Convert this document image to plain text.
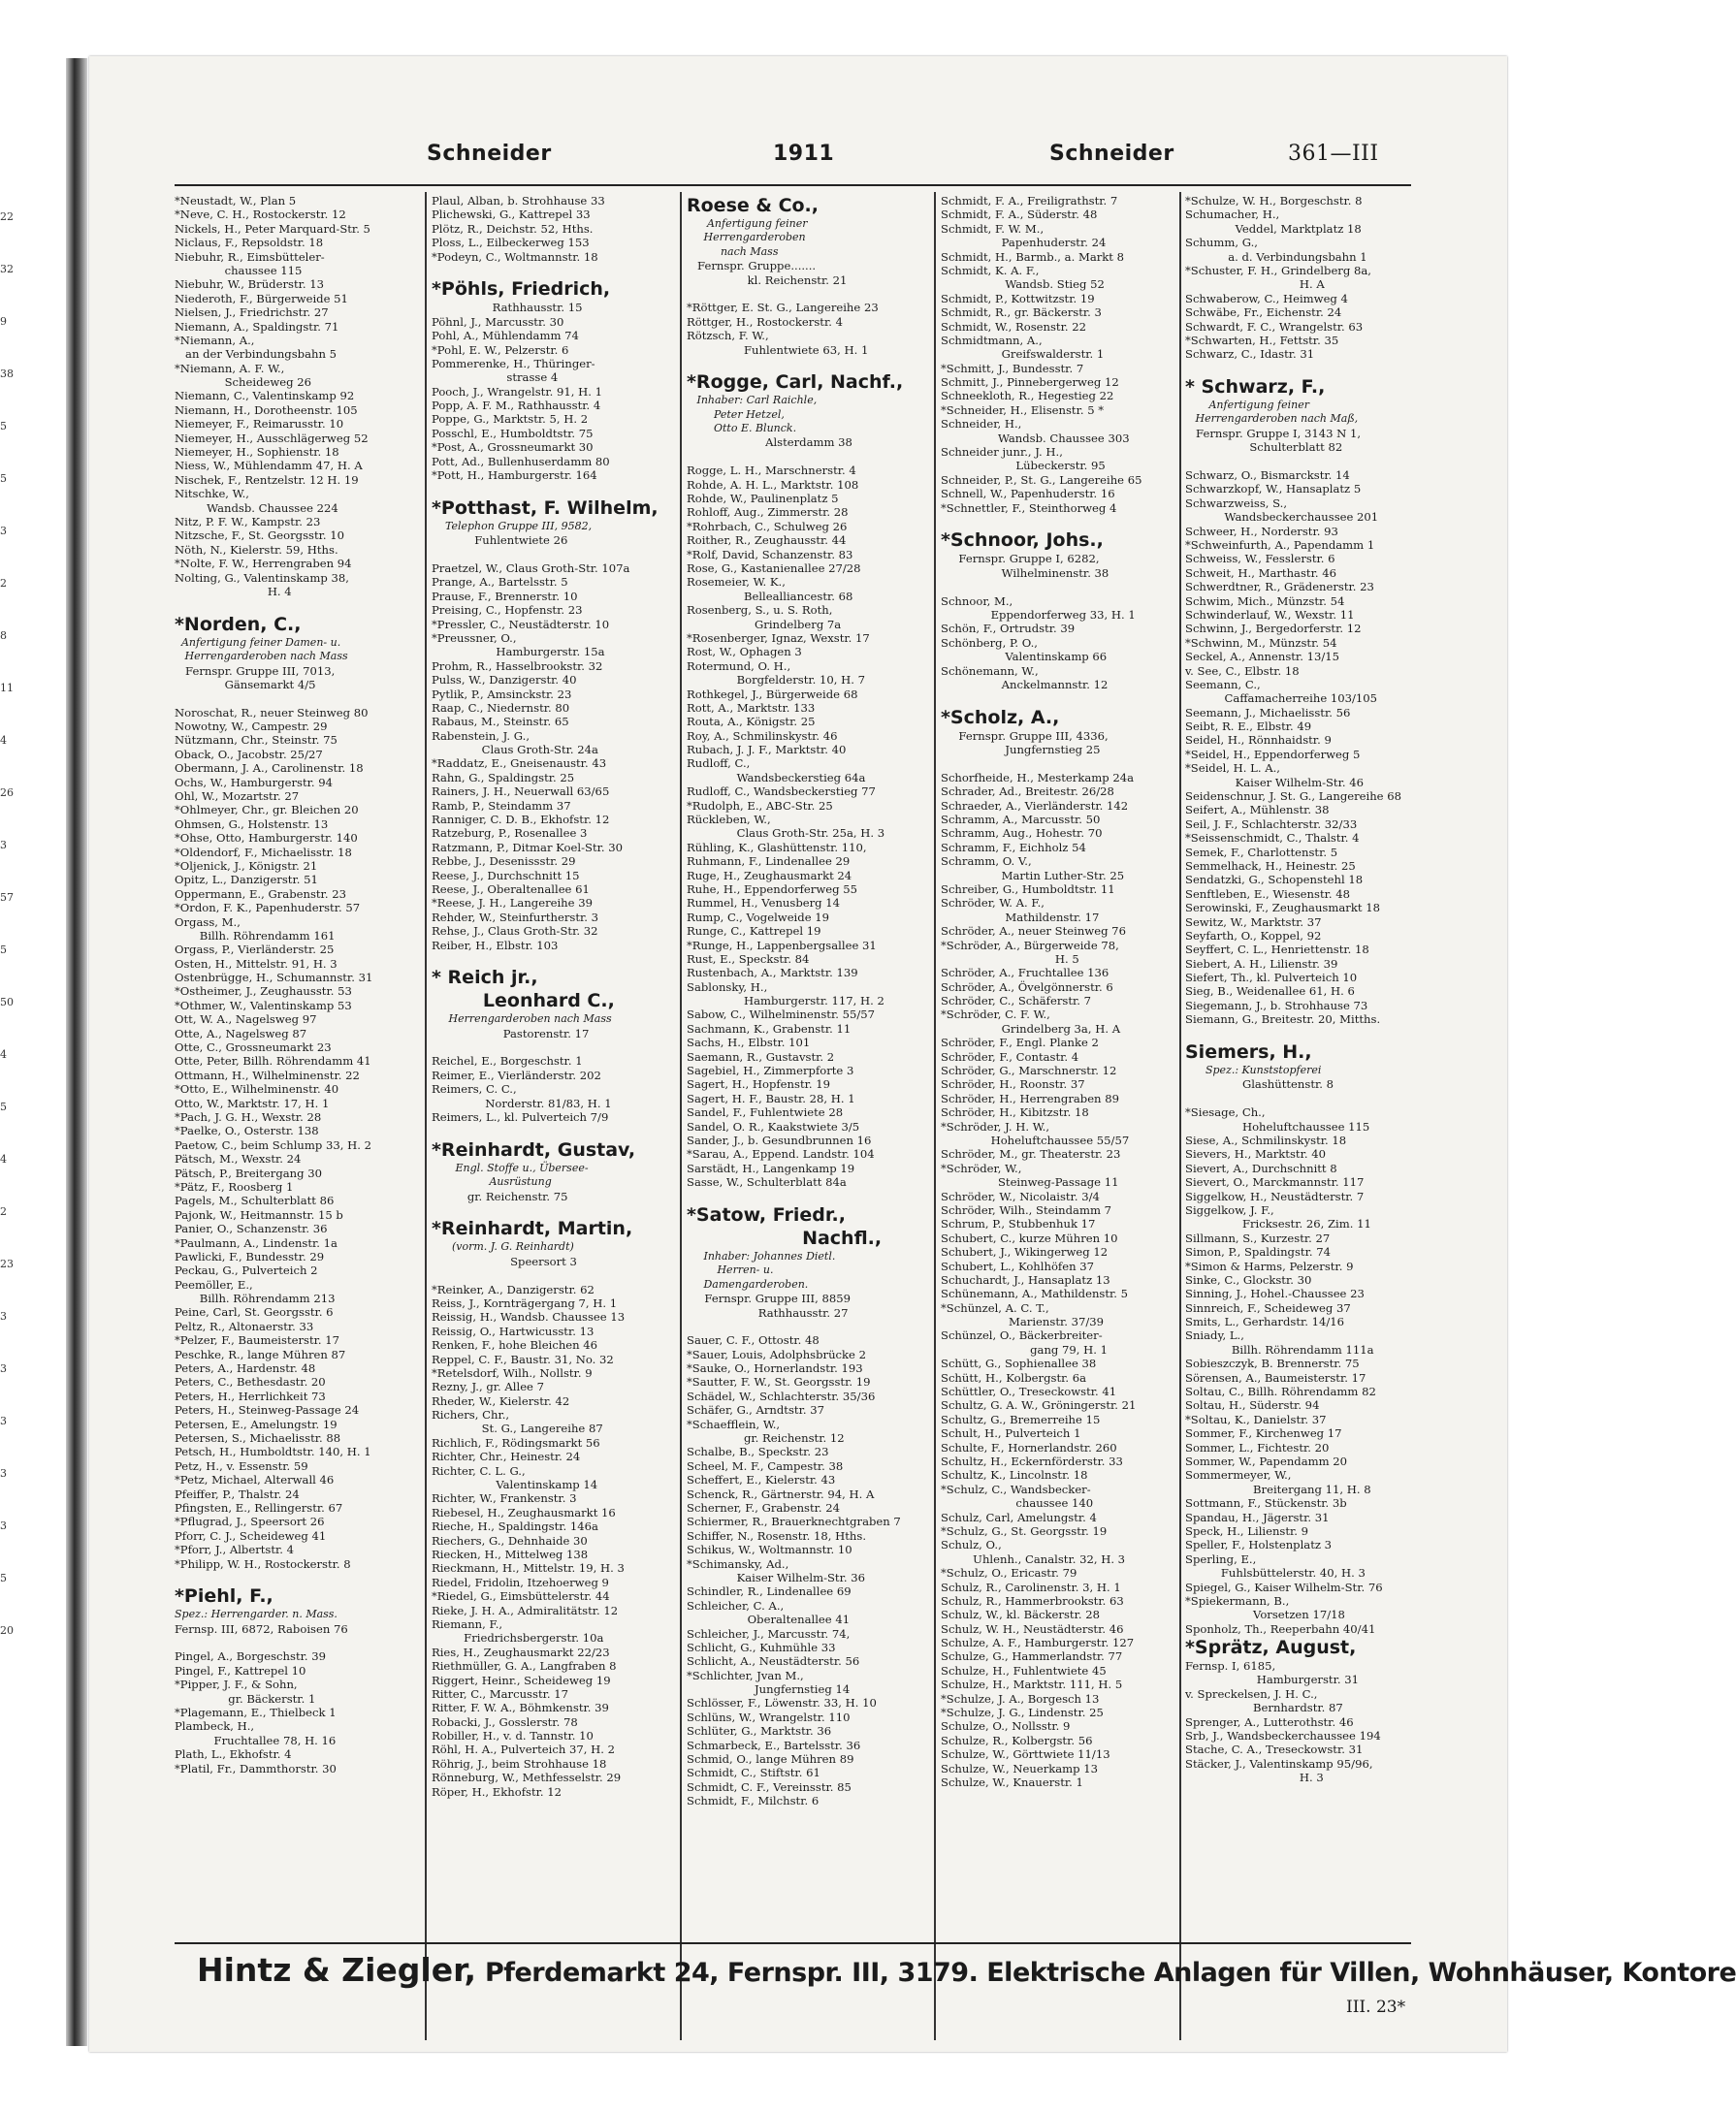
22
32
9
38
5
5
3
2
8
11
4
26
3
57
5
50
4
5
4
2
23
3
3
3
3
3
5
20
Schneider	1911	Schneider	361—III
*Neustadt, W., Plan 5
*Neve, C. H., Rostockerstr. 12
Nickels, H., Peter Marquard-Str. 5
Niclaus, F., Repsoldstr. 18
Niebuhr, R., Eimsbütteler-
chaussee 115
Niebuhr, W., Brüderstr. 13
Niederoth, F., Bürgerweide 51
Nielsen, J., Friedrichstr. 27
Niemann, A., Spaldingstr. 71
*Niemann, A.,
an der Verbindungsbahn 5
*Niemann, A. F. W.,
Scheideweg 26
Niemann, C., Valentinskamp 92
Niemann, H., Dorotheenstr. 105
Niemeyer, F., Reimarusstr. 10
Niemeyer, H., Ausschlägerweg 52
Niemeyer, H., Sophienstr. 18
Niess, W., Mühlendamm 47, H. A
Nischek, F., Rentzelstr. 12 H. 19
Nitschke, W.,
Wandsb. Chaussee 224
Nitz, P. F. W., Kampstr. 23
Nitzsche, F., St. Georgsstr. 10
Nöth, N., Kielerstr. 59, Hths.
*Nolte, F. W., Herrengraben 94
Nolting, G., Valentinskamp 38,
H. 4
*Norden, C.,
Anfertigung feiner Damen- u.
Herrengarderoben nach Mass
Fernspr. Gruppe III, 7013,
Gänsemarkt 4/5
Noroschat, R., neuer Steinweg 80
Nowotny, W., Campestr. 29
Nützmann, Chr., Steinstr. 75
Oback, O., Jacobstr. 25/27
Obermann, J. A., Carolinenstr. 18
Ochs, W., Hamburgerstr. 94
Ohl, W., Mozartstr. 27
*Ohlmeyer, Chr., gr. Bleichen 20
Ohmsen, G., Holstenstr. 13
*Ohse, Otto, Hamburgerstr. 140
*Oldendorf, F., Michaelisstr. 18
*Oljenick, J., Königstr. 21
Opitz, L., Danzigerstr. 51
Oppermann, E., Grabenstr. 23
*Ordon, F. K., Papenhuderstr. 57
Orgass, M.,
Billh. Röhrendamm 161
Orgass, P., Vierländerstr. 25
Osten, H., Mittelstr. 91, H. 3
Ostenbrügge, H., Schumannstr. 31
*Ostheimer, J., Zeughausstr. 53
*Othmer, W., Valentinskamp 53
Ott, W. A., Nagelsweg 97
Otte, A., Nagelsweg 87
Otte, C., Grossneumarkt 23
Otte, Peter, Billh. Röhrendamm 41
Ottmann, H., Wilhelminenstr. 22
*Otto, E., Wilhelminenstr. 40
Otto, W., Marktstr. 17, H. 1
*Pach, J. G. H., Wexstr. 28
*Paelke, O., Osterstr. 138
Paetow, C., beim Schlump 33, H. 2
Pätsch, M., Wexstr. 24
Pätsch, P., Breitergang 30
*Pätz, F., Roosberg 1
Pagels, M., Schulterblatt 86
Pajonk, W., Heitmannstr. 15 b
Panier, O., Schanzenstr. 36
*Paulmann, A., Lindenstr. 1a
Pawlicki, F., Bundesstr. 29
Peckau, G., Pulverteich 2
Peemöller, E.,
Billh. Röhrendamm 213
Peine, Carl, St. Georgsstr. 6
Peltz, R., Altonaerstr. 33
*Pelzer, F., Baumeisterstr. 17
Peschke, R., lange Mühren 87
Peters, A., Hardenstr. 48
Peters, C., Bethesdastr. 20
Peters, H., Herrlichkeit 73
Peters, H., Steinweg-Passage 24
Petersen, E., Amelungstr. 19
Petersen, S., Michaelisstr. 88
Petsch, H., Humboldtstr. 140, H. 1
Petz, H., v. Essenstr. 59
*Petz, Michael, Alterwall 46
Pfeiffer, P., Thalstr. 24
Pfingsten, E., Rellingerstr. 67
*Pflugrad, J., Speersort 26
Pforr, C. J., Scheideweg 41
*Pforr, J., Albertstr. 4
*Philipp, W. H., Rostockerstr. 8
*Piehl, F.,
Spez.: Herrengarder. n. Mass.
Fernsp. III, 6872, Raboisen 76
Pingel, A., Borgeschstr. 39
Pingel, F., Kattrepel 10
*Pipper, J. F., & Sohn,
gr. Bäckerstr. 1
*Plagemann, E., Thielbeck 1
Plambeck, H.,
Fruchtallee 78, H. 16
Plath, L., Ekhofstr. 4
*Platil, Fr., Dammthorstr. 30
Plaul, Alban, b. Strohhause 33
Plichewski, G., Kattrepel 33
Plötz, R., Deichstr. 52, Hths.
Ploss, L., Eilbeckerweg 153
*Podeyn, C., Woltmannstr. 18
*Pöhls, Friedrich,
Rathhausstr. 15
Pöhnl, J., Marcusstr. 30
Pohl, A., Mühlendamm 74
*Pohl, E. W., Pelzerstr. 6
Pommerenke, H., Thüringer-
strasse 4
Pooch, J., Wrangelstr. 91, H. 1
Popp, A. F. M., Rathhausstr. 4
Poppe, G., Marktstr. 5, H. 2
Posschl, E., Humboldtstr. 75
*Post, A., Grossneumarkt 30
Pott, Ad., Bullenhuserdamm 80
*Pott, H., Hamburgerstr. 164
*Potthast, F. Wilhelm,
Telephon Gruppe III, 9582,
Fuhlentwiete 26
Praetzel, W., Claus Groth-Str. 107a
Prange, A., Bartelsstr. 5
Prause, F., Brennerstr. 10
Preising, C., Hopfenstr. 23
*Pressler, C., Neustädterstr. 10
*Preussner, O.,
Hamburgerstr. 15a
Prohm, R., Hasselbrookstr. 32
Pulss, W., Danzigerstr. 40
Pytlik, P., Amsinckstr. 23
Raap, C., Niedernstr. 80
Rabaus, M., Steinstr. 65
Rabenstein, J. G.,
Claus Groth-Str. 24a
*Raddatz, E., Gneisenaustr. 43
Rahn, G., Spaldingstr. 25
Rainers, J. H., Neuerwall 63/65
Ramb, P., Steindamm 37
Ranniger, C. D. B., Ekhofstr. 12
Ratzeburg, P., Rosenallee 3
Ratzmann, P., Ditmar Koel-Str. 30
Rebbe, J., Desenissstr. 29
Reese, J., Durchschnitt 15
Reese, J., Oberaltenallee 61
*Reese, J. H., Langereihe 39
Rehder, W., Steinfurtherstr. 3
Rehse, J., Claus Groth-Str. 32
Reiber, H., Elbstr. 103
* Reich jr.,
Leonhard C.,
Herrengarderoben nach Mass
Pastorenstr. 17
Reichel, E., Borgeschstr. 1
Reimer, E., Vierländerstr. 202
Reimers, C. C.,
Norderstr. 81/83, H. 1
Reimers, L., kl. Pulverteich 7/9
*Reinhardt, Gustav,
Engl. Stoffe u., Übersee-
Ausrüstung
gr. Reichenstr. 75
*Reinhardt, Martin,
(vorm. J. G. Reinhardt)
Speersort 3
*Reinker, A., Danzigerstr. 62
Reiss, J., Kornträgergang 7, H. 1
Reissig, H., Wandsb. Chaussee 13
Reissig, O., Hartwicusstr. 13
Renken, F., hohe Bleichen 46
Reppel, C. F., Baustr. 31, No. 32
*Retelsdorf, Wilh., Nollstr. 9
Rezny, J., gr. Allee 7
Rheder, W., Kielerstr. 42
Richers, Chr.,
St. G., Langereihe 87
Richlich, F., Rödingsmarkt 56
Richter, Chr., Heinestr. 24
Richter, C. L. G.,
Valentinskamp 14
Richter, W., Frankenstr. 3
Riebesel, H., Zeughausmarkt 16
Rieche, H., Spaldingstr. 146a
Riechers, G., Dehnhaide 30
Riecken, H., Mittelweg 138
Rieckmann, H., Mittelstr. 19, H. 3
Riedel, Fridolin, Itzehoerweg 9
*Riedel, G., Eimsbüttelerstr. 44
Rieke, J. H. A., Admiralitätstr. 12
Riemann, F.,
Friedrichsbergerstr. 10a
Ries, H., Zeughausmarkt 22/23
Riethmüller, G. A., Langfraben 8
Riggert, Heinr., Scheideweg 19
Ritter, C., Marcusstr. 17
Ritter, F. W. A., Böhmkenstr. 39
Robacki, J., Gosslerstr. 78
Robiller, H., v. d. Tannstr. 10
Röhl, H. A., Pulverteich 37, H. 2
Röhrig, J., beim Strohhause 18
Rönneburg, W., Methfesselstr. 29
Röper, H., Ekhofstr. 12
Roese & Co.,
Anfertigung feiner
Herrengarderoben
nach Mass
Fernspr. Gruppe.......
kl. Reichenstr. 21
*Röttger, E. St. G., Langereihe 23
Röttger, H., Rostockerstr. 4
Rötzsch, F. W.,
Fuhlentwiete 63, H. 1
*Rogge, Carl, Nachf.,
Inhaber: Carl Raichle,
Peter Hetzel,
Otto E. Blunck.
Alsterdamm 38
Rogge, L. H., Marschnerstr. 4
Rohde, A. H. L., Marktstr. 108
Rohde, W., Paulinenplatz 5
Rohloff, Aug., Zimmerstr. 28
*Rohrbach, C., Schulweg 26
Roither, R., Zeughausstr. 44
*Rolf, David, Schanzenstr. 83
Rose, G., Kastanienallee 27/28
Rosemeier, W. K.,
Bellealliancestr. 68
Rosenberg, S., u. S. Roth,
Grindelberg 7a
*Rosenberger, Ignaz, Wexstr. 17
Rost, W., Ophagen 3
Rotermund, O. H.,
Borgfelderstr. 10, H. 7
Rothkegel, J., Bürgerweide 68
Rott, A., Marktstr. 133
Routa, A., Königstr. 25
Roy, A., Schmilinskystr. 46
Rubach, J. J. F., Marktstr. 40
Rudloff, C.,
Wandsbeckerstieg 64a
Rudloff, C., Wandsbeckerstieg 77
*Rudolph, E., ABC-Str. 25
Rückleben, W.,
Claus Groth-Str. 25a, H. 3
Rühling, K., Glashüttenstr. 110,
Ruhmann, F., Lindenallee 29
Ruge, H., Zeughausmarkt 24
Ruhe, H., Eppendorferweg 55
Rummel, H., Venusberg 14
Rump, C., Vogelweide 19
Runge, C., Kattrepel 19
*Runge, H., Lappenbergsallee 31
Rust, E., Speckstr. 84
Rustenbach, A., Marktstr. 139
Sablonsky, H.,
Hamburgerstr. 117, H. 2
Sabow, C., Wilhelminenstr. 55/57
Sachmann, K., Grabenstr. 11
Sachs, H., Elbstr. 101
Saemann, R., Gustavstr. 2
Sagebiel, H., Zimmerpforte 3
Sagert, H., Hopfenstr. 19
Sagert, H. F., Baustr. 28, H. 1
Sandel, F., Fuhlentwiete 28
Sandel, O. R., Kaakstwiete 3/5
Sander, J., b. Gesundbrunnen 16
*Sarau, A., Eppend. Landstr. 104
Sarstädt, H., Langenkamp 19
Sasse, W., Schulterblatt 84a
*Satow, Friedr.,
Nachfl.,
Inhaber: Johannes Dietl.
Herren- u.
Damengarderoben.
Fernspr. Gruppe III, 8859
Rathhausstr. 27
Sauer, C. F., Ottostr. 48
*Sauer, Louis, Adolphsbrücke 2
*Sauke, O., Hornerlandstr. 193
*Sautter, F. W., St. Georgsstr. 19
Schädel, W., Schlachterstr. 35/36
Schäfer, G., Arndtstr. 37
*Schaefflein, W.,
gr. Reichenstr. 12
Schalbe, B., Speckstr. 23
Scheel, M. F., Campestr. 38
Scheffert, E., Kielerstr. 43
Schenck, R., Gärtnerstr. 94, H. A
Scherner, F., Grabenstr. 24
Schiermer, R., Brauerknechtgraben 7
Schiffer, N., Rosenstr. 18, Hths.
Schikus, W., Woltmannstr. 10
*Schimansky, Ad.,
Kaiser Wilhelm-Str. 36
Schindler, R., Lindenallee 69
Schleicher, C. A.,
Oberaltenallee 41
Schleicher, J., Marcusstr. 74,
Schlicht, G., Kuhmühle 33
Schlicht, A., Neustädterstr. 56
*Schlichter, Jvan M.,
Jungfernstieg 14
Schlösser, F., Löwenstr. 33, H. 10
Schlüns, W., Wrangelstr. 110
Schlüter, G., Marktstr. 36
Schmarbeck, E., Bartelsstr. 36
Schmid, O., lange Mühren 89
Schmidt, C., Stiftstr. 61
Schmidt, C. F., Vereinsstr. 85
Schmidt, F., Milchstr. 6
Schmidt, F. A., Freiligrathstr. 7
Schmidt, F. A., Süderstr. 48
Schmidt, F. W. M.,
Papenhuderstr. 24
Schmidt, H., Barmb., a. Markt 8
Schmidt, K. A. F.,
Wandsb. Stieg 52
Schmidt, P., Kottwitzstr. 19
Schmidt, R., gr. Bäckerstr. 3
Schmidt, W., Rosenstr. 22
Schmidtmann, A.,
Greifswalderstr. 1
*Schmitt, J., Bundesstr. 7
Schmitt, J., Pinnebergerweg 12
Schneekloth, R., Hegestieg 22
*Schneider, H., Elisenstr. 5 *
Schneider, H.,
Wandsb. Chaussee 303
Schneider junr., J. H.,
Lübeckerstr. 95
Schneider, P., St. G., Langereihe 65
Schnell, W., Papenhuderstr. 16
*Schnettler, F., Steinthorweg 4
*Schnoor, Johs.,
Fernspr. Gruppe I, 6282,
Wilhelminenstr. 38
Schnoor, M.,
Eppendorferweg 33, H. 1
Schön, F., Ortrudstr. 39
Schönberg, P. O.,
Valentinskamp 66
Schönemann, W.,
Anckelmannstr. 12
*Scholz, A.,
Fernspr. Gruppe III, 4336,
Jungfernstieg 25
Schorfheide, H., Mesterkamp 24a
Schrader, Ad., Breitestr. 26/28
Schraeder, A., Vierländerstr. 142
Schramm, A., Marcusstr. 50
Schramm, Aug., Hohestr. 70
Schramm, F., Eichholz 54
Schramm, O. V.,
Martin Luther-Str. 25
Schreiber, G., Humboldtstr. 11
Schröder, W. A. F.,
Mathildenstr. 17
Schröder, A., neuer Steinweg 76
*Schröder, A., Bürgerweide 78,
H. 5
Schröder, A., Fruchtallee 136
Schröder, A., Övelgönnerstr. 6
Schröder, C., Schäferstr. 7
*Schröder, C. F. W.,
Grindelberg 3a, H. A
Schröder, F., Engl. Planke 2
Schröder, F., Contastr. 4
Schröder, G., Marschnerstr. 12
Schröder, H., Roonstr. 37
Schröder, H., Herrengraben 89
Schröder, H., Kibitzstr. 18
*Schröder, J. H. W.,
Hoheluftchaussee 55/57
Schröder, M., gr. Theaterstr. 23
*Schröder, W.,
Steinweg-Passage 11
Schröder, W., Nicolaistr. 3/4
Schröder, Wilh., Steindamm 7
Schrum, P., Stubbenhuk 17
Schubert, C., kurze Mühren 10
Schubert, J., Wikingerweg 12
Schubert, L., Kohlhöfen 37
Schuchardt, J., Hansaplatz 13
Schünemann, A., Mathildenstr. 5
*Schünzel, A. C. T.,
Marienstr. 37/39
Schünzel, O., Bäckerbreiter-
gang 79, H. 1
Schütt, G., Sophienallee 38
Schütt, H., Kolbergstr. 6a
Schüttler, O., Treseckowstr. 41
Schultz, G. A. W., Gröningerstr. 21
Schultz, G., Bremerreihe 15
Schult, H., Pulverteich 1
Schulte, F., Hornerlandstr. 260
Schultz, H., Eckernförderstr. 33
Schultz, K., Lincolnstr. 18
*Schulz, C., Wandsbecker-
chaussee 140
Schulz, Carl, Amelungstr. 4
*Schulz, G., St. Georgsstr. 19
Schulz, O.,
Uhlenh., Canalstr. 32, H. 3
*Schulz, O., Ericastr. 79
Schulz, R., Carolinenstr. 3, H. 1
Schulz, R., Hammerbrookstr. 63
Schulz, W., kl. Bäckerstr. 28
Schulz, W. H., Neustädterstr. 46
Schulze, A. F., Hamburgerstr. 127
Schulze, G., Hammerlandstr. 77
Schulze, H., Fuhlentwiete 45
Schulze, H., Marktstr. 111, H. 5
*Schulze, J. A., Borgesch 13
*Schulze, J. G., Lindenstr. 25
Schulze, O., Nollsstr. 9
Schulze, R., Kolbergstr. 56
Schulze, W., Görttwiete 11/13
Schulze, W., Neuerkamp 13
Schulze, W., Knauerstr. 1
*Schulze, W. H., Borgeschstr. 8
Schumacher, H.,
Veddel, Marktplatz 18
Schumm, G.,
a. d. Verbindungsbahn 1
*Schuster, F. H., Grindelberg 8a,
H. A
Schwaberow, C., Heimweg 4
Schwäbe, Fr., Eichenstr. 24
Schwardt, F. C., Wrangelstr. 63
*Schwarten, H., Fettstr. 35
Schwarz, C., Idastr. 31
* Schwarz, F.,
Anfertigung feiner
Herrengarderoben nach Maß,
Fernspr. Gruppe I, 3143 N 1,
Schulterblatt 82
Schwarz, O., Bismarckstr. 14
Schwarzkopf, W., Hansaplatz 5
Schwarzweiss, S.,
Wandsbeckerchaussee 201
Schweer, H., Norderstr. 93
*Schweinfurth, A., Papendamm 1
Schweiss, W., Fesslerstr. 6
Schweit, H., Marthastr. 46
Schwerdtner, R., Grädenerstr. 23
Schwim, Mich., Münzstr. 54
Schwinderlauf, W., Wexstr. 11
Schwinn, J., Bergedorferstr. 12
*Schwinn, M., Münzstr. 54
Seckel, A., Annenstr. 13/15
v. See, C., Elbstr. 18
Seemann, C.,
Caffamacherreihe 103/105
Seemann, J., Michaelisstr. 56
Seibt, R. E., Elbstr. 49
Seidel, H., Rönnhaidstr. 9
*Seidel, H., Eppendorferweg 5
*Seidel, H. L. A.,
Kaiser Wilhelm-Str. 46
Seidenschnur, J. St. G., Langereihe 68
Seifert, A., Mühlenstr. 38
Seil, J. F., Schlachterstr. 32/33
*Seissenschmidt, C., Thalstr. 4
Semek, F., Charlottenstr. 5
Semmelhack, H., Heinestr. 25
Sendatzki, G., Schopenstehl 18
Senftleben, E., Wiesenstr. 48
Serowinski, F., Zeughausmarkt 18
Sewitz, W., Marktstr. 37
Seyfarth, O., Koppel, 92
Seyffert, C. L., Henriettenstr. 18
Siebert, A. H., Lilienstr. 39
Siefert, Th., kl. Pulverteich 10
Sieg, B., Weidenallee 61, H. 6
Siegemann, J., b. Strohhause 73
Siemann, G., Breitestr. 20, Mitths.
Siemers, H.,
Spez.: Kunststopferei
Glashüttenstr. 8
*Siesage, Ch.,
Hoheluftchaussee 115
Siese, A., Schmilinskystr. 18
Sievers, H., Marktstr. 40
Sievert, A., Durchschnitt 8
Sievert, O., Marckmannstr. 117
Siggelkow, H., Neustädterstr. 7
Siggelkow, J. F.,
Fricksestr. 26, Zim. 11
Sillmann, S., Kurzestr. 27
Simon, P., Spaldingstr. 74
*Simon & Harms, Pelzerstr. 9
Sinke, C., Glockstr. 30
Sinning, J., Hohel.-Chaussee 23
Sinnreich, F., Scheideweg 37
Smits, L., Gerhardstr. 14/16
Sniady, L.,
Billh. Röhrendamm 111a
Sobieszczyk, B. Brennerstr. 75
Sörensen, A., Baumeisterstr. 17
Soltau, C., Billh. Röhrendamm 82
Soltau, H., Süderstr. 94
*Soltau, K., Danielstr. 37
Sommer, F., Kirchenweg 17
Sommer, L., Fichtestr. 20
Sommer, W., Papendamm 20
Sommermeyer, W.,
Breitergang 11, H. 8
Sottmann, F., Stückenstr. 3b
Spandau, H., Jägerstr. 31
Speck, H., Lilienstr. 9
Speller, F., Holstenplatz 3
Sperling, E.,
Fuhlsbüttelerstr. 40, H. 3
Spiegel, G., Kaiser Wilhelm-Str. 76
*Spiekermann, B.,
Vorsetzen 17/18
Sponholz, Th., Reeperbahn 40/41
*Sprätz, August,
Fernsp. I, 6185,
Hamburgerstr. 31
v. Spreckelsen, J. H. C.,
Bernhardstr. 87
Sprenger, A., Lutterothstr. 46
Srb, J., Wandsbeckerchaussee 194
Stache, C. A., Treseckowstr. 31
Stäcker, J., Valentinskamp 95/96,
H. 3
Hintz & Ziegler, Pferdemarkt 24, Fernspr. III, 3179. Elektrische Anlagen für Villen, Wohnhäuser, Kontore
III. 23*
